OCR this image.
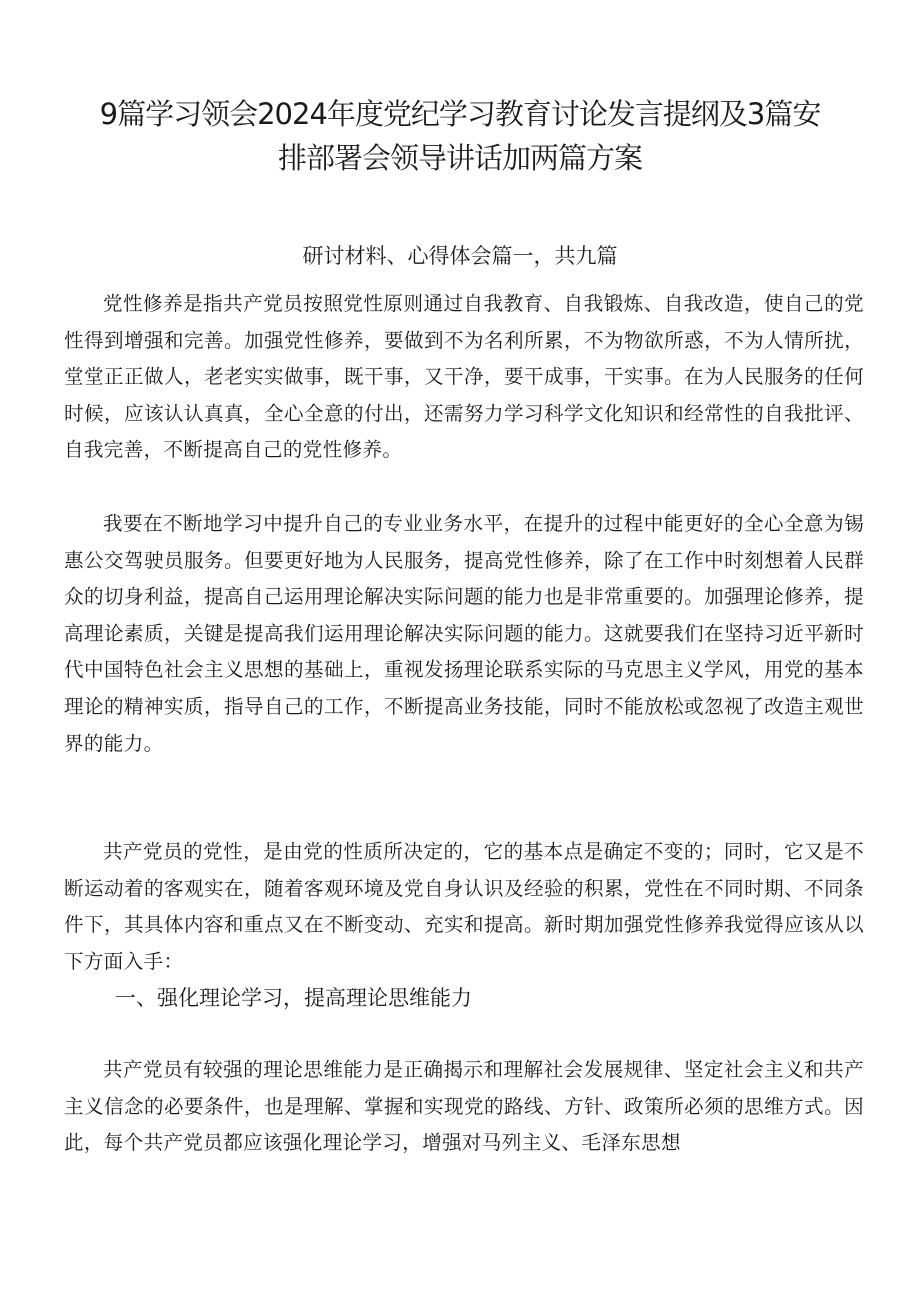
9篇学习领会2024年度党纪学习教育讨论发言提纲及3篇安排部署会领导讲话加两篇方案
研讨材料、心得体会篇一，共九篇

党性修养是指共产党员按照党性原则通过自我教育、自我锻炼、自我改造，使自己的党性得到增强和完善。加强党性修养，要做到不为名利所累，不为物欲所惑，不为人情所扰，堂堂正正做人，老老实实做事，既干事，又干净，要干成事，干实事。在为人民服务的任何时候，应该认认真真，全心全意的付出，还需努力学习科学文化知识和经常性的自我批评、自我完善，不断提高自己的党性修养。

我要在不断地学习中提升自己的专业业务水平，在提升的过程中能更好的全心全意为锡惠公交驾驶员服务。但要更好地为人民服务，提高党性修养，除了在工作中时刻想着人民群众的切身利益，提高自己运用理论解决实际问题的能力也是非常重要的。加强理论修养，提高理论素质，关键是提高我们运用理论解决实际问题的能力。这就要我们在坚持习近平新时代中国特色社会主义思想的基础上，重视发扬理论联系实际的马克思主义学风，用党的基本理论的精神实质，指导自己的工作，不断提高业务技能，同时不能放松或忽视了改造主观世界的能力。

共产党员的党性，是由党的性质所决定的，它的基本点是确定不变的；同时，它又是不断运动着的客观实在，随着客观环境及党自身认识及经验的积累，党性在不同时期、不同条件下，其具体内容和重点又在不断变动、充实和提高。新时期加强党性修养我觉得应该从以下方面入手：

一、强化理论学习，提高理论思维能力

共产党员有较强的理论思维能力是正确揭示和理解社会发展规律、坚定社会主义和共产主义信念的必要条件，也是理解、掌握和实现党的路线、方针、政策所必须的思维方式。因此，每个共产党员都应该强化理论学习，增强对马列主义、毛泽东思想
